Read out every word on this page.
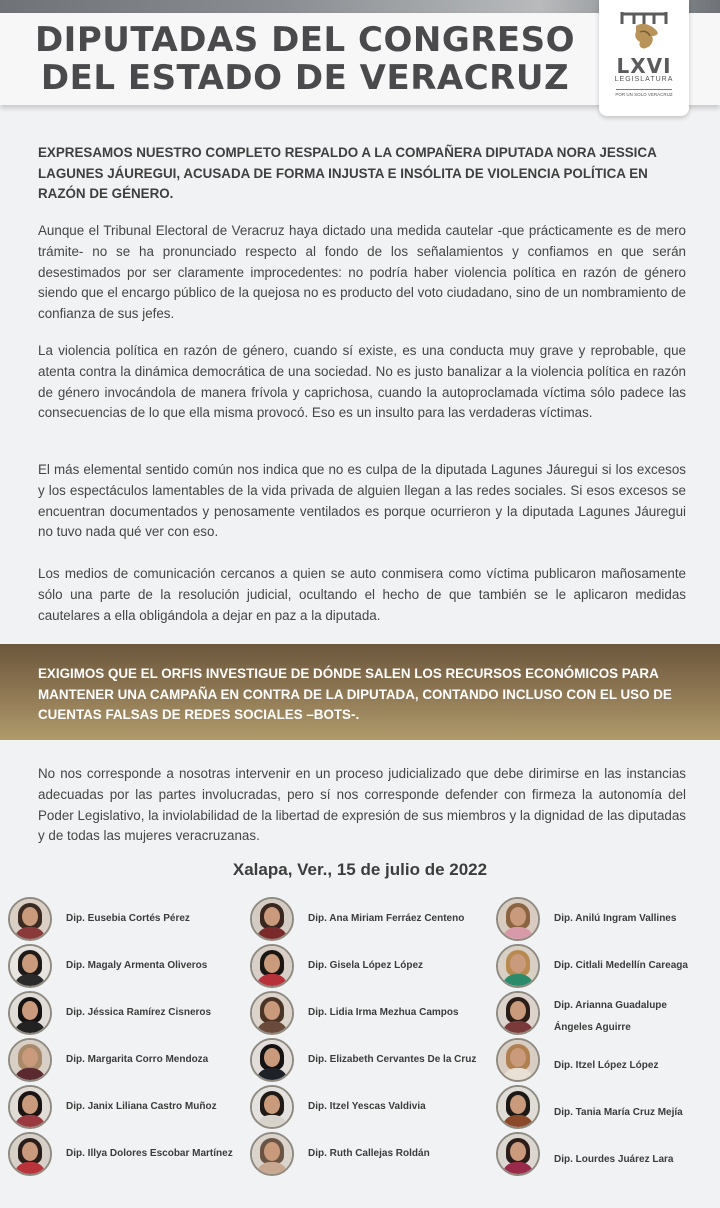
DIPUTADAS DEL CONGRESO
DEL ESTADO DE VERACRUZ	LXVI
LEGISLATURA
POR UN SOLO VERACRUZ

EXPRESAMOS NUESTRO COMPLETO RESPALDO A LA COMPAÑERA DIPUTADA NORA JESSICA LAGUNES JÁUREGUI, ACUSADA DE FORMA INJUSTA E INSÓLITA DE VIOLENCIA POLÍTICA EN RAZÓN DE GÉNERO.

Aunque el Tribunal Electoral de Veracruz haya dictado una medida cautelar -que prácticamente es de mero trámite- no se ha pronunciado respecto al fondo de los señalamientos y confiamos en que serán desestimados por ser claramente improcedentes: no podría haber violencia política en razón de género siendo que el encargo público de la quejosa no es producto del voto ciudadano, sino de un nombramiento de confianza de sus jefes.

La violencia política en razón de género, cuando sí existe, es una conducta muy grave y reprobable, que atenta contra la dinámica democrática de una sociedad. No es justo banalizar a la violencia política en razón de género invocándola de manera frívola y caprichosa, cuando la autoproclamada víctima sólo padece las consecuencias de lo que ella misma provocó. Eso es un insulto para las verdaderas víctimas.

El más elemental sentido común nos indica que no es culpa de la diputada Lagunes Jáuregui si los excesos y los espectáculos lamentables de la vida privada de alguien llegan a las redes sociales. Si esos excesos se encuentran documentados y penosamente ventilados es porque ocurrieron y la diputada Lagunes Jáuregui no tuvo nada qué ver con eso.

Los medios de comunicación cercanos a quien se auto conmisera como víctima publicaron mañosamente sólo una parte de la resolución judicial, ocultando el hecho de que también se le aplicaron medidas cautelares a ella obligándola a dejar en paz a la diputada.

EXIGIMOS QUE EL ORFIS INVESTIGUE DE DÓNDE SALEN LOS RECURSOS ECONÓMICOS PARA MANTENER UNA CAMPAÑA EN CONTRA DE LA DIPUTADA, CONTANDO INCLUSO CON EL USO DE CUENTAS FALSAS DE REDES SOCIALES –BOTS-.

No nos corresponde a nosotras intervenir en un proceso judicializado que debe dirimirse en las instancias adecuadas por las partes involucradas, pero sí nos corresponde defender con firmeza la autonomía del Poder Legislativo, la inviolabilidad de la libertad de expresión de sus miembros y la dignidad de las diputadas y de todas las mujeres veracruzanas.

Xalapa, Ver., 15 de julio de 2022
Dip. Eusebia Cortés Pérez
Dip. Magaly Armenta Oliveros
Dip. Jéssica Ramírez Cisneros
Dip. Margarita Corro Mendoza
Dip. Janix Liliana Castro Muñoz
Dip. Illya Dolores Escobar Martínez
Dip. Ana Miriam Ferráez Centeno
Dip. Gisela López López
Dip. Lidia Irma Mezhua Campos
Dip. Elizabeth Cervantes De la Cruz
Dip. Itzel Yescas Valdivia
Dip. Ruth Callejas Roldán
Dip. Anilú Ingram Vallines
Dip. Citlali Medellín Careaga
Dip. Arianna Guadalupe Ángeles Aguirre
Dip. Itzel López López
Dip. Tania María Cruz Mejía
Dip. Lourdes Juárez Lara
